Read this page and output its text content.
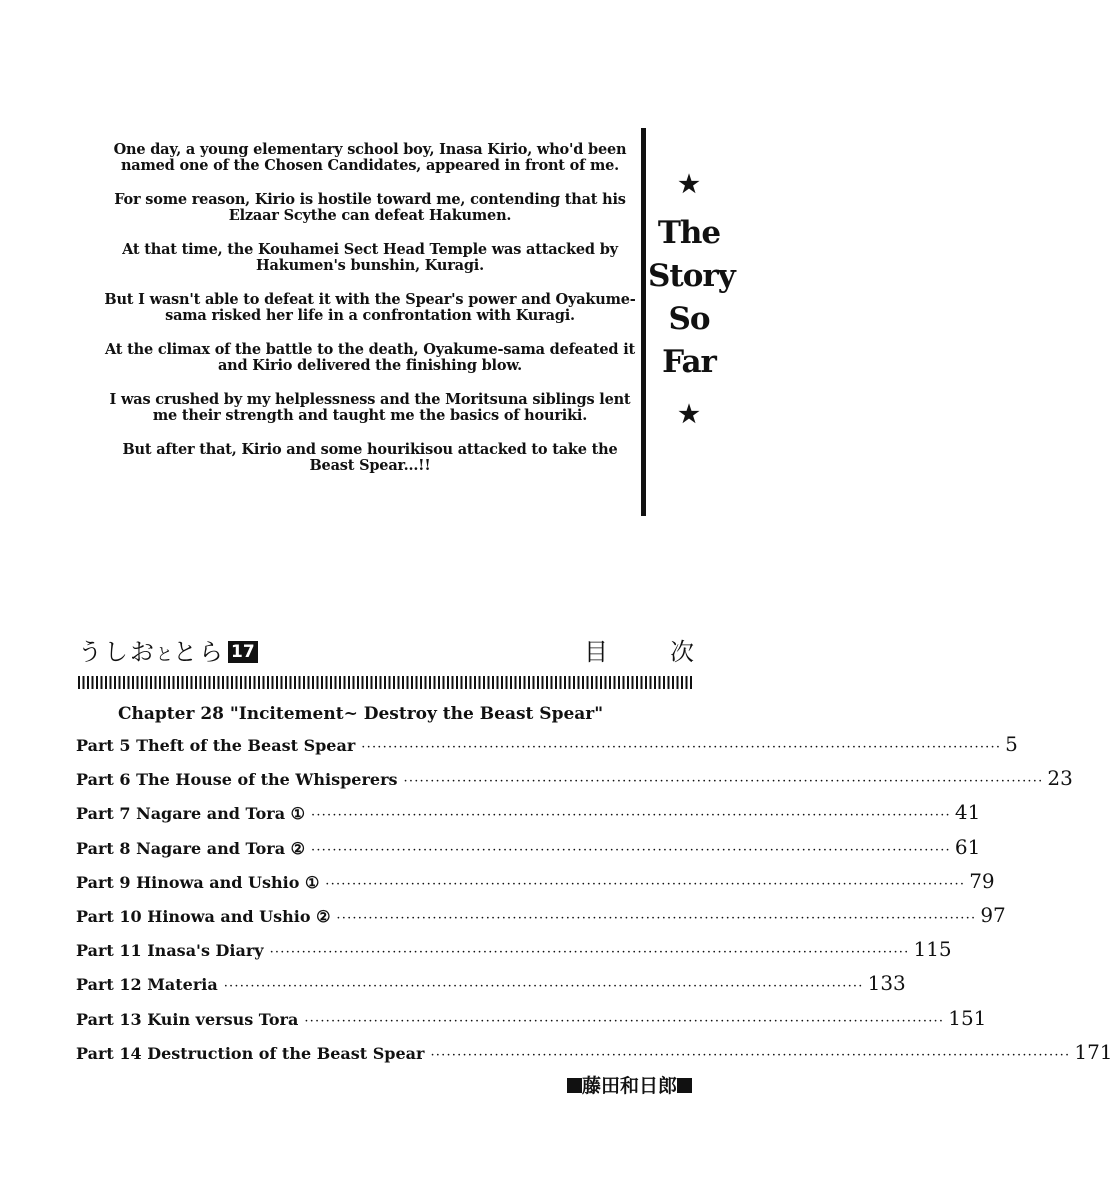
One day, a young elementary school boy, Inasa Kirio, who'd been named one of the Chosen Candidates, appeared in front of me.

For some reason, Kirio is hostile toward me, contending that his Elzaar Scythe can defeat Hakumen.

At that time, the Kouhamei Sect Head Temple was attacked by Hakumen's bunshin, Kuragi.

But I wasn't able to defeat it with the Spear's power and Oyakume-sama risked her life in a confrontation with Kuragi.

At the climax of the battle to the death, Oyakume-sama defeated it and Kirio delivered the finishing blow.

I was crushed by my helplessness and the Moritsuna siblings lent me their strength and taught me the basics of houriki.

But after that, Kirio and some hourikisou attacked to take the Beast Spear...!!

★
The
Story
So
Far
★
うしおととら 17	目	次
Chapter 28 "Incitement~ Destroy the Beast Spear"
Part 5 Theft of the Beast Spear ························································································································ 5
Part 6 The House of the Whisperers ························································································································ 23
Part 7 Nagare and Tora ① ························································································································ 41
Part 8 Nagare and Tora ② ························································································································ 61
Part 9 Hinowa and Ushio ① ························································································································ 79
Part 10 Hinowa and Ushio ② ························································································································ 97
Part 11 Inasa's Diary ························································································································ 115
Part 12 Materia ························································································································ 133
Part 13 Kuin versus Tora ························································································································ 151
Part 14 Destruction of the Beast Spear ························································································································ 171
藤田和日郎
